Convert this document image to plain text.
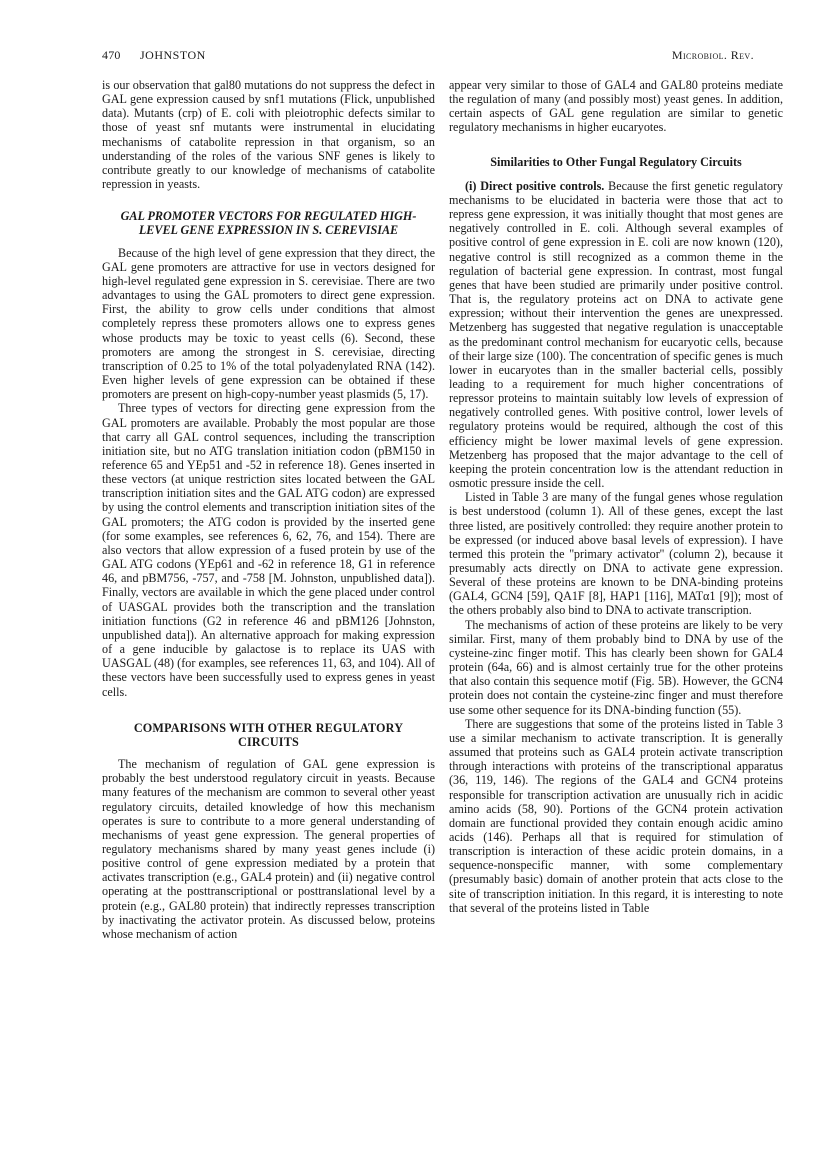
470 JOHNSTON	Microbiol. Rev.

is our observation that gal80 mutations do not suppress the defect in GAL gene expression caused by snf1 mutations (Flick, unpublished data). Mutants (crp) of E. coli with pleiotrophic defects similar to those of yeast snf mutants were instrumental in elucidating mechanisms of catabolite repression in that organism, so an understanding of the roles of the various SNF genes is likely to contribute greatly to our knowledge of mechanisms of catabolite repression in yeasts.

GAL PROMOTER VECTORS FOR REGULATED HIGH-LEVEL GENE EXPRESSION IN S. CEREVISIAE

Because of the high level of gene expression that they direct, the GAL gene promoters are attractive for use in vectors designed for high-level regulated gene expression in S. cerevisiae. There are two advantages to using the GAL promoters to direct gene expression. First, the ability to grow cells under conditions that almost completely repress these promoters allows one to express genes whose products may be toxic to yeast cells (6). Second, these promoters are among the strongest in S. cerevisiae, directing transcription of 0.25 to 1% of the total polyadenylated RNA (142). Even higher levels of gene expression can be obtained if these promoters are present on high-copy-number yeast plasmids (5, 17).

Three types of vectors for directing gene expression from the GAL promoters are available. Probably the most popular are those that carry all GAL control sequences, including the transcription initiation site, but no ATG translation initiation codon (pBM150 in reference 65 and YEp51 and -52 in reference 18). Genes inserted in these vectors (at unique restriction sites located between the GAL transcription initiation sites and the GAL ATG codon) are expressed by using the control elements and transcription initiation sites of the GAL promoters; the ATG codon is provided by the inserted gene (for some examples, see references 6, 62, 76, and 154). There are also vectors that allow expression of a fused protein by use of the GAL ATG codons (YEp61 and -62 in reference 18, G1 in reference 46, and pBM756, -757, and -758 [M. Johnston, unpublished data]). Finally, vectors are available in which the gene placed under control of UASGAL provides both the transcription and the translation initiation functions (G2 in reference 46 and pBM126 [Johnston, unpublished data]). An alternative approach for making expression of a gene inducible by galactose is to replace its UAS with UASGAL (48) (for examples, see references 11, 63, and 104). All of these vectors have been successfully used to express genes in yeast cells.

COMPARISONS WITH OTHER REGULATORY CIRCUITS

The mechanism of regulation of GAL gene expression is probably the best understood regulatory circuit in yeasts. Because many features of the mechanism are common to several other yeast regulatory circuits, detailed knowledge of how this mechanism operates is sure to contribute to a more general understanding of mechanisms of yeast gene expression. The general properties of regulatory mechanisms shared by many yeast genes include (i) positive control of gene expression mediated by a protein that activates transcription (e.g., GAL4 protein) and (ii) negative control operating at the posttranscriptional or posttranslational level by a protein (e.g., GAL80 protein) that indirectly represses transcription by inactivating the activator protein. As discussed below, proteins whose mechanism of action

appear very similar to those of GAL4 and GAL80 proteins mediate the regulation of many (and possibly most) yeast genes. In addition, certain aspects of GAL gene regulation are similar to genetic regulatory mechanisms in higher eucaryotes.

Similarities to Other Fungal Regulatory Circuits

(i) Direct positive controls. Because the first genetic regulatory mechanisms to be elucidated in bacteria were those that act to repress gene expression, it was initially thought that most genes are negatively controlled in E. coli. Although several examples of positive control of gene expression in E. coli are now known (120), negative control is still recognized as a common theme in the regulation of bacterial gene expression. In contrast, most fungal genes that have been studied are primarily under positive control. That is, the regulatory proteins act on DNA to activate gene expression; without their intervention the genes are unexpressed. Metzenberg has suggested that negative regulation is unacceptable as the predominant control mechanism for eucaryotic cells, because of their large size (100). The concentration of specific genes is much lower in eucaryotes than in the smaller bacterial cells, possibly leading to a requirement for much higher concentrations of repressor proteins to maintain suitably low levels of expression of negatively controlled genes. With positive control, lower levels of regulatory proteins would be required, although the cost of this efficiency might be lower maximal levels of gene expression. Metzenberg has proposed that the major advantage to the cell of keeping the protein concentration low is the attendant reduction in osmotic pressure inside the cell.

Listed in Table 3 are many of the fungal genes whose regulation is best understood (column 1). All of these genes, except the last three listed, are positively controlled: they require another protein to be expressed (or induced above basal levels of expression). I have termed this protein the ''primary activator'' (column 2), because it presumably acts directly on DNA to activate gene expression. Several of these proteins are known to be DNA-binding proteins (GAL4, GCN4 [59], QA1F [8], HAP1 [116], MATα1 [9]); most of the others probably also bind to DNA to activate transcription.

The mechanisms of action of these proteins are likely to be very similar. First, many of them probably bind to DNA by use of the cysteine-zinc finger motif. This has clearly been shown for GAL4 protein (64a, 66) and is almost certainly true for the other proteins that also contain this sequence motif (Fig. 5B). However, the GCN4 protein does not contain the cysteine-zinc finger and must therefore use some other sequence for its DNA-binding function (55).

There are suggestions that some of the proteins listed in Table 3 use a similar mechanism to activate transcription. It is generally assumed that proteins such as GAL4 protein activate transcription through interactions with proteins of the transcriptional apparatus (36, 119, 146). The regions of the GAL4 and GCN4 proteins responsible for transcription activation are unusually rich in acidic amino acids (58, 90). Portions of the GCN4 protein activation domain are functional provided they contain enough acidic amino acids (146). Perhaps all that is required for stimulation of transcription is interaction of these acidic protein domains, in a sequence-nonspecific manner, with some complementary (presumably basic) domain of another protein that acts close to the site of transcription initiation. In this regard, it is interesting to note that several of the proteins listed in Table
